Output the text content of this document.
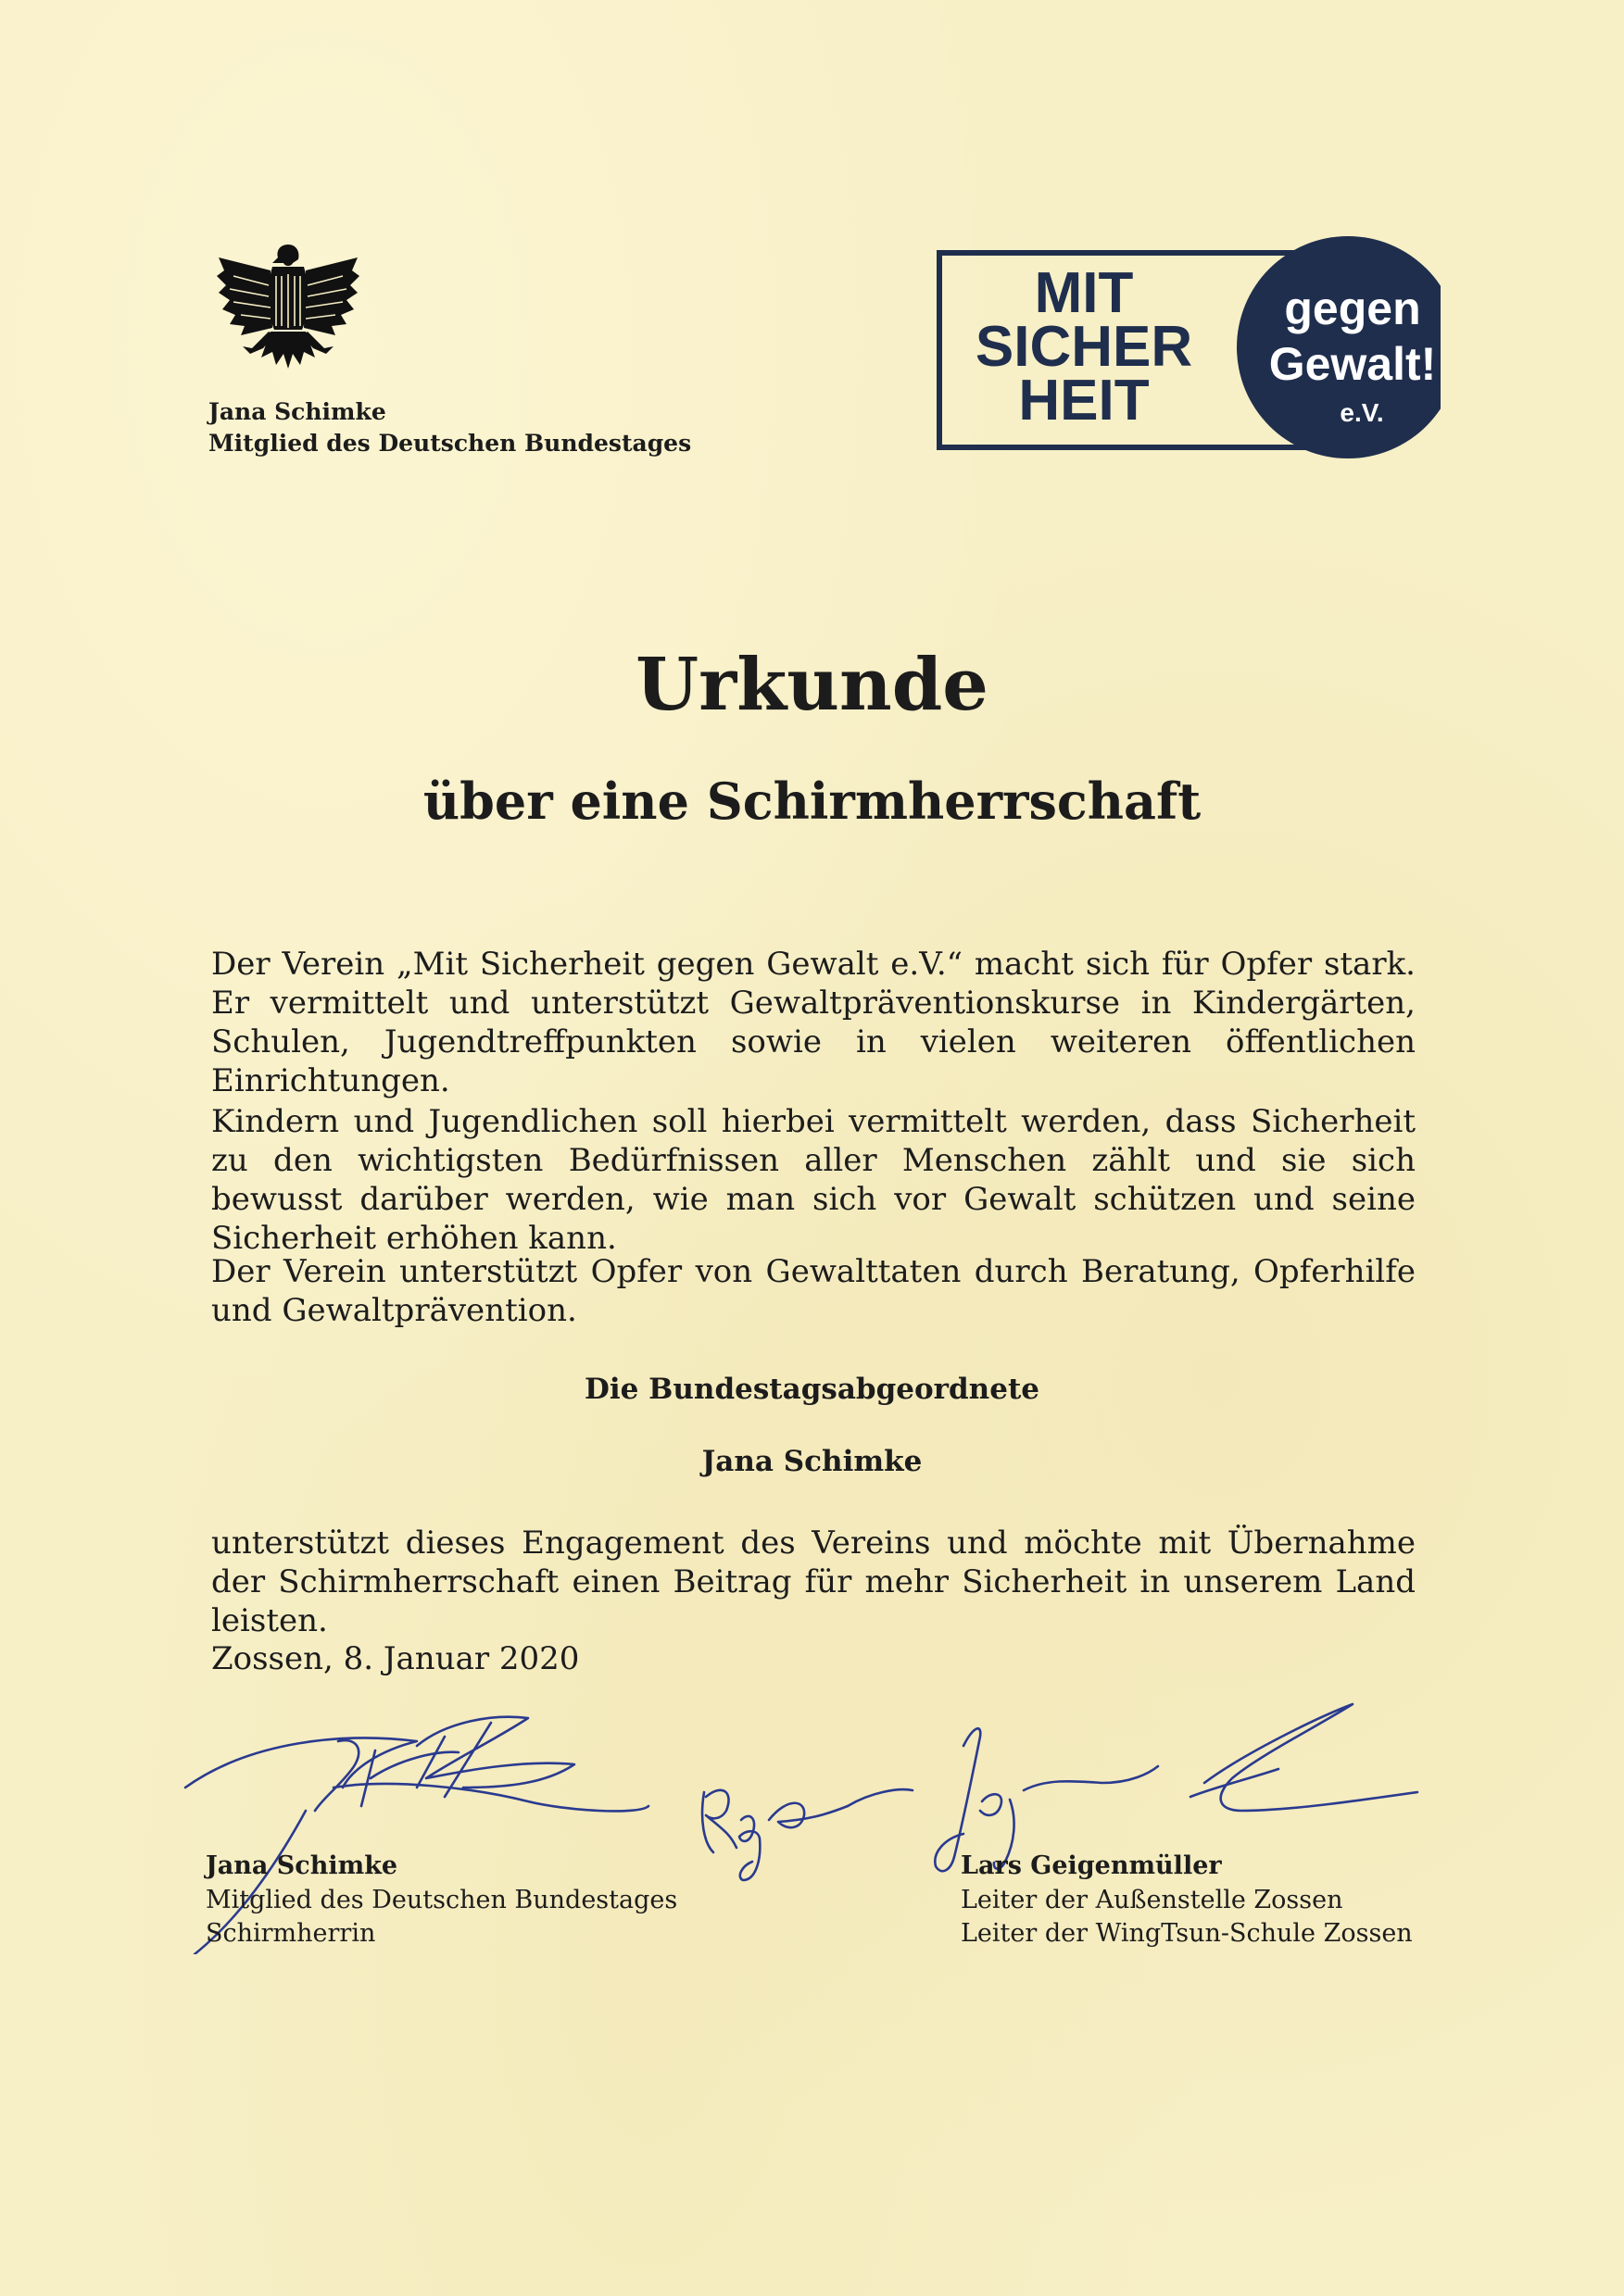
Jana Schimke
Mitglied des Deutschen Bundestages
MIT
SICHER
HEIT
gegen
Gewalt!
e.V.
Urkunde
über eine Schirmherrschaft
Der Verein „Mit Sicherheit gegen Gewalt e.V.“ macht sich für Opfer stark. Er vermittelt und unterstützt Gewaltpräventionskurse in Kindergärten, Schulen, Jugendtreffpunkten sowie in vielen weiteren öffentlichen Einrichtungen.
Kindern und Jugendlichen soll hierbei vermittelt werden, dass Sicherheit zu den wichtigsten Bedürfnissen aller Menschen zählt und sie sich bewusst darüber werden, wie man sich vor Gewalt schützen und seine Sicherheit erhöhen kann.
Der Verein unterstützt Opfer von Gewalttaten durch Beratung, Opferhilfe und Gewaltprävention.
Die Bundestagsabgeordnete
Jana Schimke
unterstützt dieses Engagement des Vereins und möchte mit Übernahme der Schirmherrschaft einen Beitrag für mehr Sicherheit in unserem Land leisten.
Zossen, 8. Januar 2020
Jana Schimke
Mitglied des Deutschen Bundestages
Schirmherrin
Lars Geigenmüller
Leiter der Außenstelle Zossen
Leiter der WingTsun-Schule Zossen
